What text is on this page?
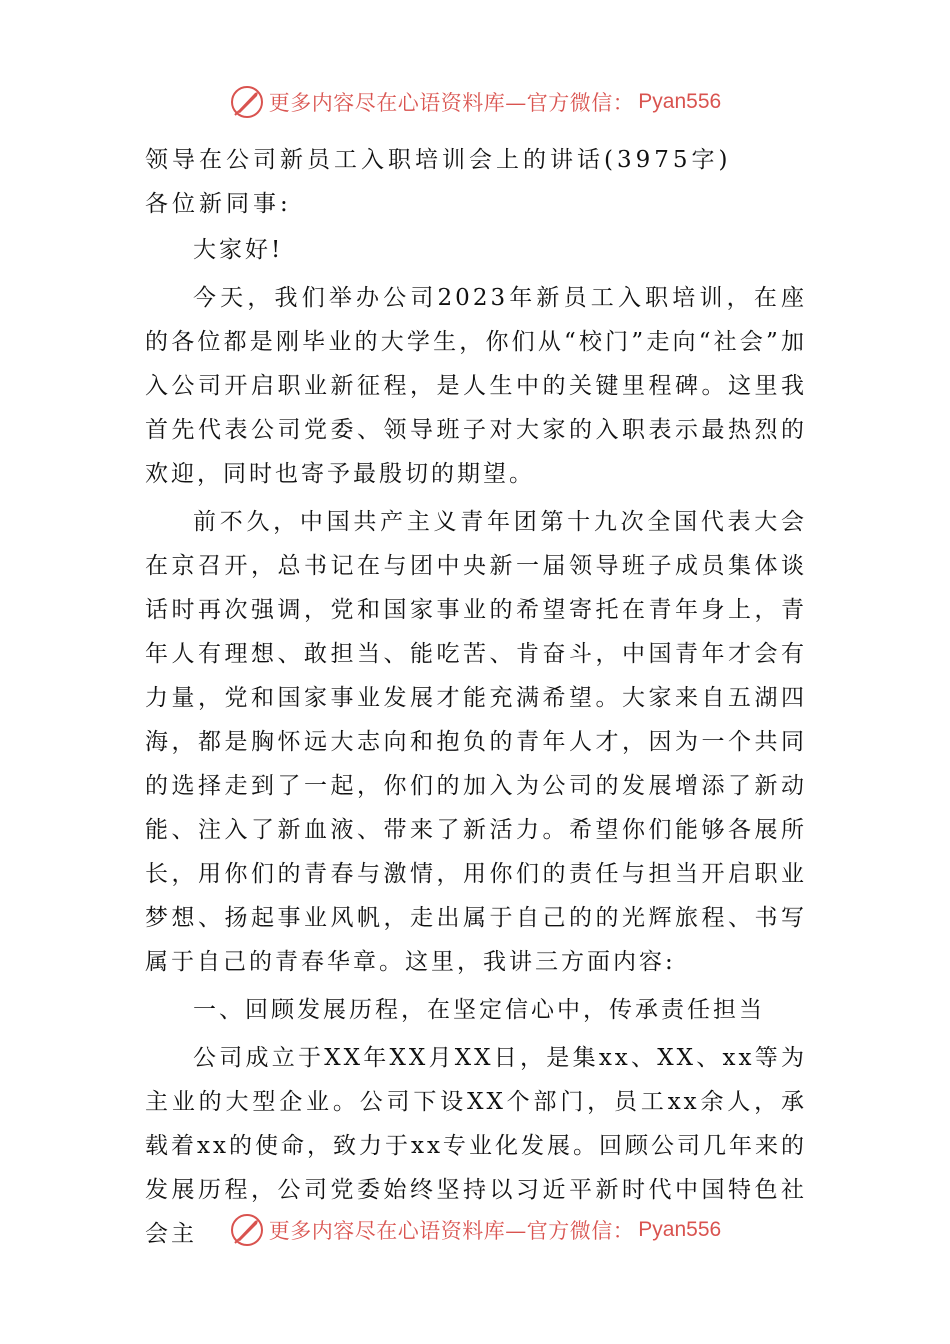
更多内容尽在心语资料库—官方微信： Pyan556
领导在公司新员工入职培训会上的讲话(3975字)
各位新同事:
大家好!
今天，我们举办公司2023年新员工入职培训，在座的各位都是刚毕业的大学生，你们从“校门”走向“社会”加入公司开启职业新征程，是人生中的关键里程碑。这里我首先代表公司党委、领导班子对大家的入职表示最热烈的欢迎，同时也寄予最殷切的期望。
前不久，中国共产主义青年团第十九次全国代表大会在京召开，总书记在与团中央新一届领导班子成员集体谈话时再次强调，党和国家事业的希望寄托在青年身上，青年人有理想、敢担当、能吃苦、肯奋斗，中国青年才会有力量，党和国家事业发展才能充满希望。大家来自五湖四海，都是胸怀远大志向和抱负的青年人才，因为一个共同的选择走到了一起，你们的加入为公司的发展增添了新动能、注入了新血液、带来了新活力。希望你们能够各展所长，用你们的青春与激情，用你们的责任与担当开启职业梦想、扬起事业风帆，走出属于自己的的光辉旅程、书写属于自己的青春华章。这里，我讲三方面内容:
一、回顾发展历程，在坚定信心中，传承责任担当
公司成立于XX年XX月XX日，是集xx、XX、xx等为主业的大型企业。公司下设XX个部门，员工xx余人，承载着xx的使命，致力于xx专业化发展。回顾公司几年来的发展历程，公司党委始终坚持以习近平新时代中国特色社会主	更多内容尽在心语资料库—官方微信： Pyan556
